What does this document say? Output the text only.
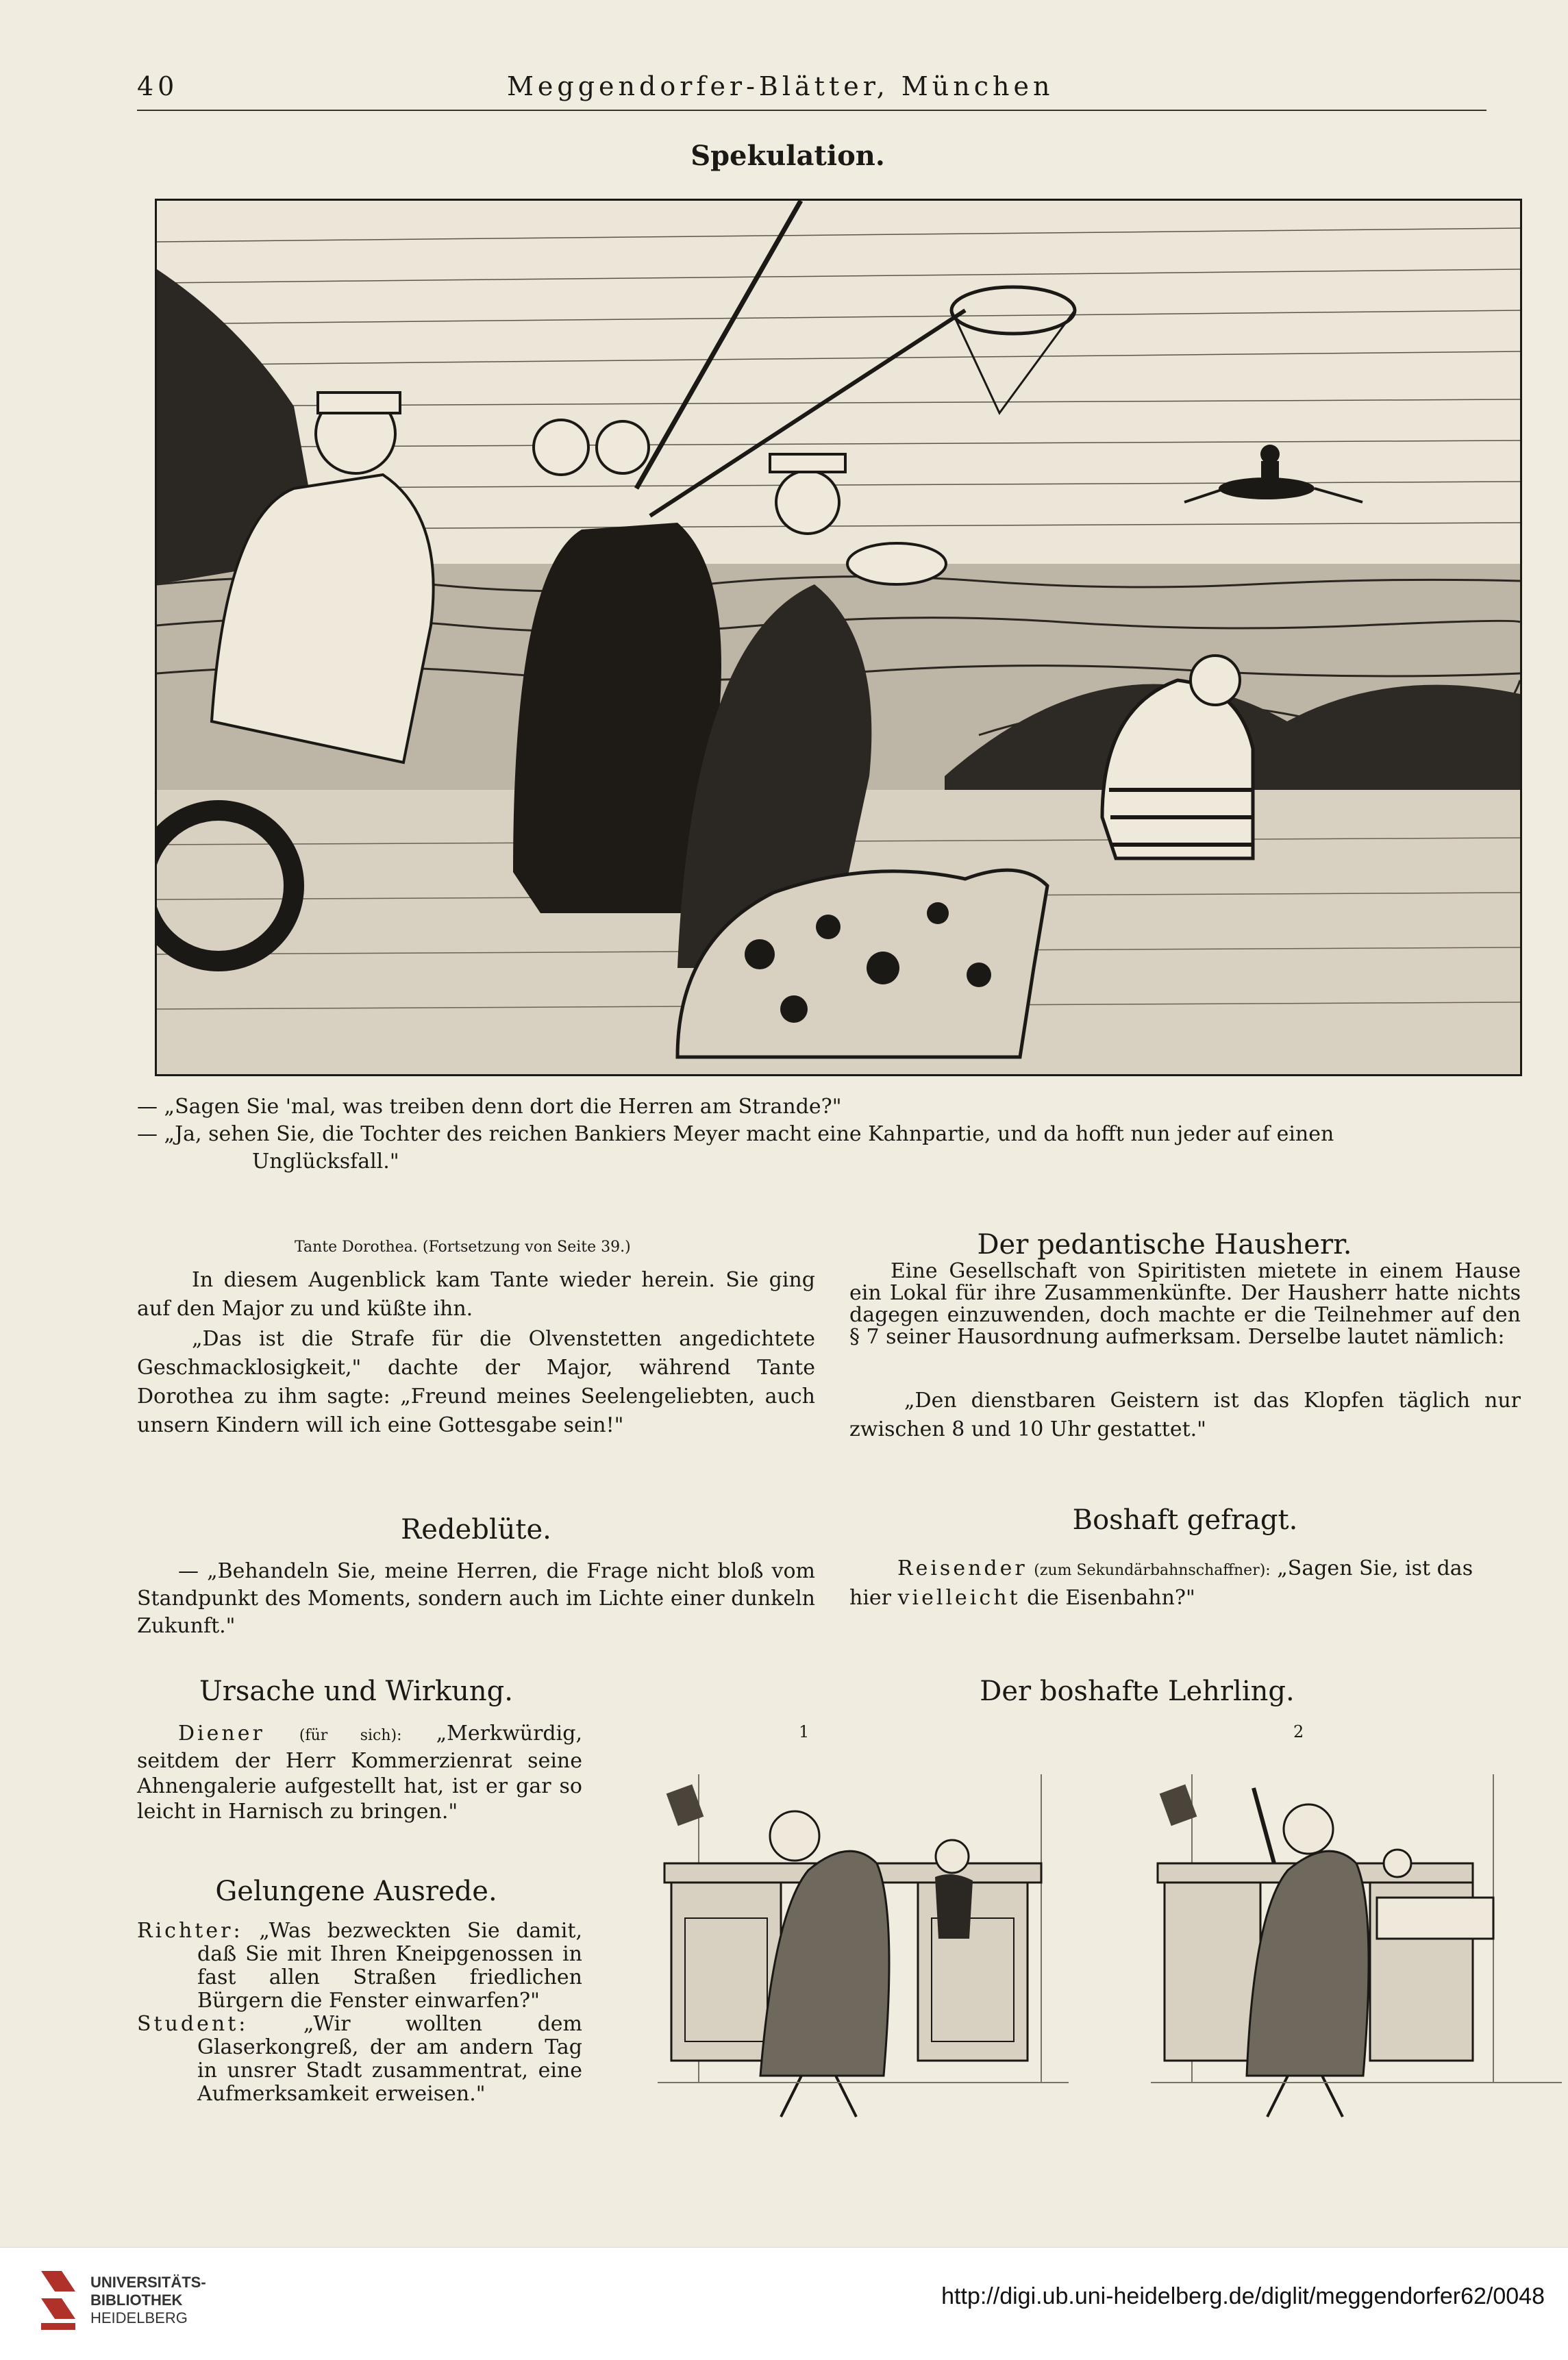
40	Meggendorfer-Blätter, München
Spekulation.
— „Sagen Sie 'mal, was treiben denn dort die Herren am Strande?"
— „Ja, sehen Sie, die Tochter des reichen Bankiers Meyer macht eine Kahnpartie, und da hofft nun jeder auf einen
Unglücksfall."
Tante Dorothea. (Fortsetzung von Seite 39.)
In diesem Augenblick kam Tante wieder herein. Sie ging auf den Major zu und küßte ihn.
„Das ist die Strafe für die Olvenstetten angedichtete Geschmacklosigkeit," dachte der Major, während Tante Dorothea zu ihm sagte: „Freund meines Seelengeliebten, auch unsern Kindern will ich eine Gottesgabe sein!"
Der pedantische Hausherr.
Eine Gesellschaft von Spiritisten mietete in einem Hause ein Lokal für ihre Zusammenkünfte. Der Hausherr hatte nichts dagegen einzuwenden, doch machte er die Teilnehmer auf den § 7 seiner Hausordnung aufmerksam. Derselbe lautet nämlich:
„Den dienstbaren Geistern ist das Klopfen täglich nur zwischen 8 und 10 Uhr gestattet."
Redeblüte.
— „Behandeln Sie, meine Herren, die Frage nicht bloß vom Standpunkt des Moments, sondern auch im Lichte einer dunkeln Zukunft."
Boshaft gefragt.
Reisender (zum Sekundärbahnschaffner): „Sagen Sie, ist das
hier vielleicht die Eisenbahn?"
Ursache und Wirkung.
Diener (für sich): „Merkwürdig, seitdem der Herr Kommerzienrat seine Ahnengalerie aufgestellt hat, ist er gar so leicht in Harnisch zu bringen."
Gelungene Ausrede.
Richter: „Was bezweckten Sie damit, daß Sie mit Ihren Kneipgenossen in fast allen Straßen friedlichen Bürgern die Fenster einwarfen?"
Student:	„Wir wollten dem Glaserkongreß, der am andern Tag in unsrer Stadt zusammentrat, eine Aufmerksamkeit erweisen."
Der boshafte Lehrling.
1	2
UNIVERSITÄTS-
BIBLIOTHEK
HEIDELBERG
http://digi.ub.uni-heidelberg.de/diglit/meggendorfer62/0048
